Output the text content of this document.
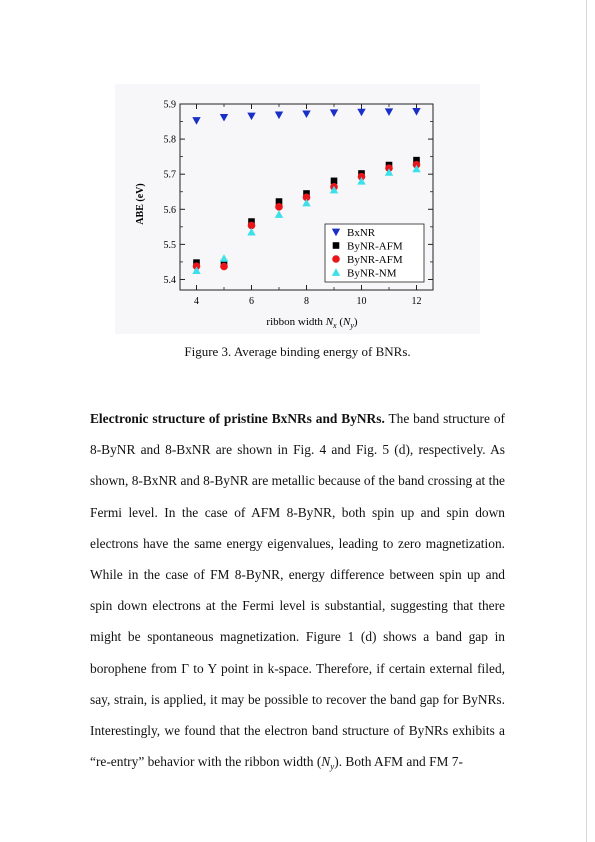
5.4
5.5
5.6
5.7
5.8
5.9
4	6	8	10	12
BxNR
ByNR-AFM
ByNR-AFM
ByNR-NM
ABE (eV)
ribbon width $N_x$ $(N_y)$
Figure 3. Average binding energy of BNRs.

Electronic structure of pristine BxNRs and ByNRs. The band structure of 8-ByNR and 8-BxNR are shown in Fig. 4 and Fig. 5 (d), respectively. As shown, 8-BxNR and 8-ByNR are metallic because of the band crossing at the Fermi level. In the case of AFM 8-ByNR, both spin up and spin down electrons have the same energy eigenvalues, leading to zero magnetization. While in the case of FM 8-ByNR, energy difference between spin up and spin down electrons at the Fermi level is substantial, suggesting that there might be spontaneous magnetization. Figure 1 (d) shows a band gap in borophene from Γ to Y point in k-space. Therefore, if certain external filed, say, strain, is applied, it may be possible to recover the band gap for ByNRs. Interestingly, we found that the electron band structure of ByNRs exhibits a “re-entry” behavior with the ribbon width $(N_y)$. Both AFM and FM 7-
